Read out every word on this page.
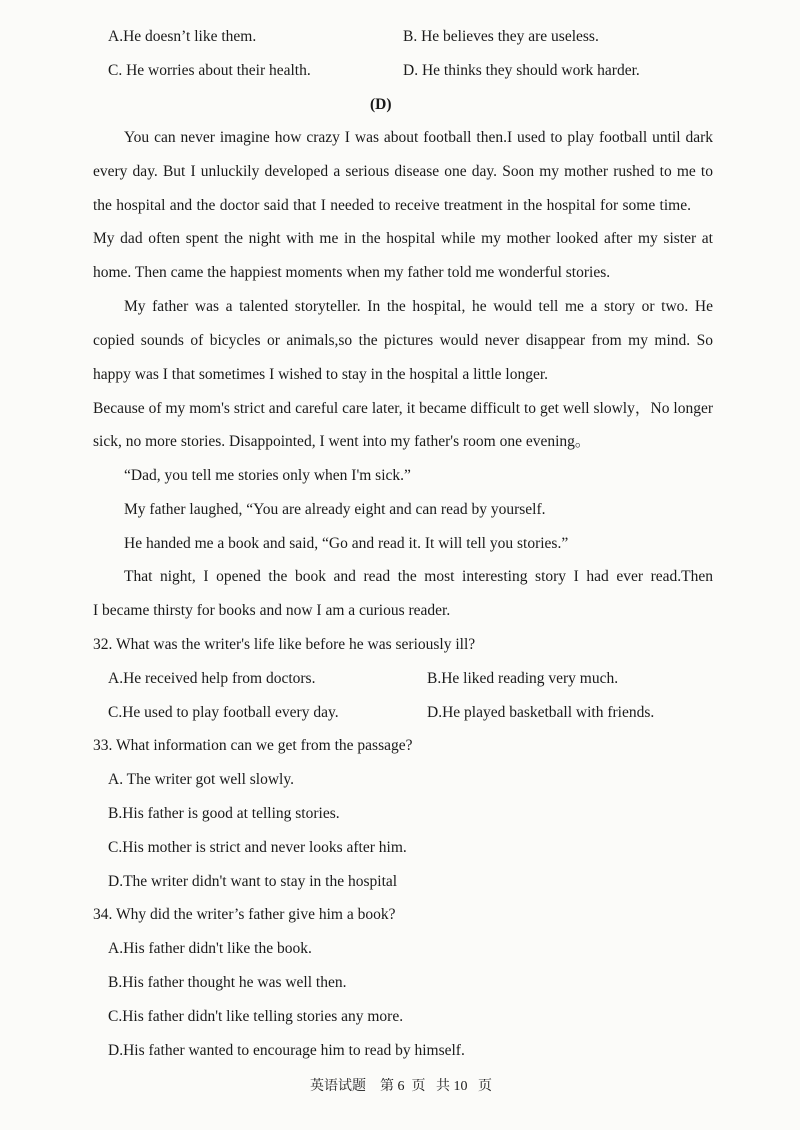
A.He doesn’t like them.	B. He believes they are useless.
C. He worries about their health.	D. He thinks they should work harder.
(D)
You can never imagine how crazy I was about football then.I used to play football until dark
every day. But I unluckily developed a serious disease one day. Soon my mother rushed to me to
the hospital and the doctor said that I needed to receive treatment in the hospital for some time.
My dad often spent the night with me in the hospital while my mother looked after my sister at
home. Then came the happiest moments when my father told me wonderful stories.
My father was a talented storyteller. In the hospital, he would tell me a story or two. He
copied sounds of bicycles or animals,so the pictures would never disappear from my mind. So
happy was I that sometimes I wished to stay in the hospital a little longer.
Because of my mom's strict and careful care later, it became difficult to get well slowly，No longer
sick, no more stories. Disappointed, I went into my father's room one evening。
“Dad, you tell me stories only when I'm sick.”
My father laughed, “You are already eight and can read by yourself.
He handed me a book and said, “Go and read it. It will tell you stories.”
That night, I opened the book and read the most interesting story I had ever read.Then
I became thirsty for books and now I am a curious reader.
32. What was the writer's life like before he was seriously ill?
A.He received help from doctors.	B.He liked reading very much.
C.He used to play football every day.	D.He played basketball with friends.
33. What information can we get from the passage?
A. The writer got well slowly.
B.His father is good at telling stories.
C.His mother is strict and never looks after him.
D.The writer didn't want to stay in the hospital
34. Why did the writer’s father give him a book?
A.His father didn't like the book.
B.His father thought he was well then.
C.His father didn't like telling stories any more.
D.His father wanted to encourage him to read by himself.
英语试题    第 6  页   共 10   页
